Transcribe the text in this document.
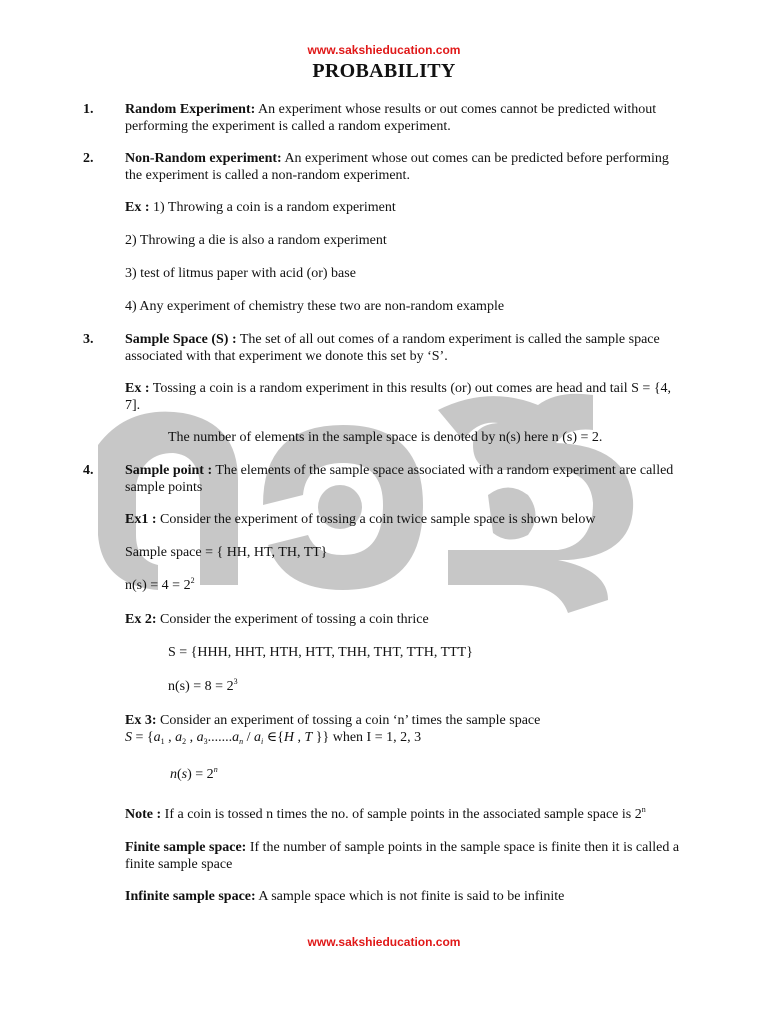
www.sakshieducation.com
PROBABILITY
1. Random Experiment: An experiment whose results or out comes cannot be predicted without performing the experiment is called a random experiment.
2. Non-Random experiment: An experiment whose out comes can be predicted before performing the experiment is called a non-random experiment.
Ex : 1) Throwing a coin is a random experiment
2) Throwing a die is also a random experiment
3) test of litmus paper with acid (or) base
4) Any experiment of chemistry these two are non-random example
3. Sample Space (S) : The set of all out comes of a random experiment is called the sample space associated with that experiment we donote this set by ‘S’.
Ex : Tossing a coin is a random experiment in this results (or) out comes are head and tail S = {4, 7].
The number of elements in the sample space is denoted by n(s) here n (s) = 2.
4. Sample point : The elements of the sample space associated with a random experiment are called sample points
Ex1 : Consider the experiment of tossing a coin twice sample space is shown below
Sample space = { HH, HT, TH, TT}
$n(s) = 4 = 2^2$
Ex 2: Consider the experiment of tossing a coin thrice
S = {HHH, HHT, HTH, HTT, THH, THT, TTH, TTT}
$n(s) = 8 = 2^3$
Ex 3: Consider an experiment of tossing a coin ‘n’ times the sample space
$S = \{a_1$ , $a_2$ , $a_3.......a_n / a_i$ ∈{H , T }} when I = 1, 2, 3
$n(s) = 2^n$
Note : If a coin is tossed n times the no. of sample points in the associated sample space is 2$^n$
Finite sample space: If the number of sample points in the sample space is finite then it is called a finite sample space
Infinite sample space: A sample space which is not finite is said to be infinite
www.sakshieducation.com
